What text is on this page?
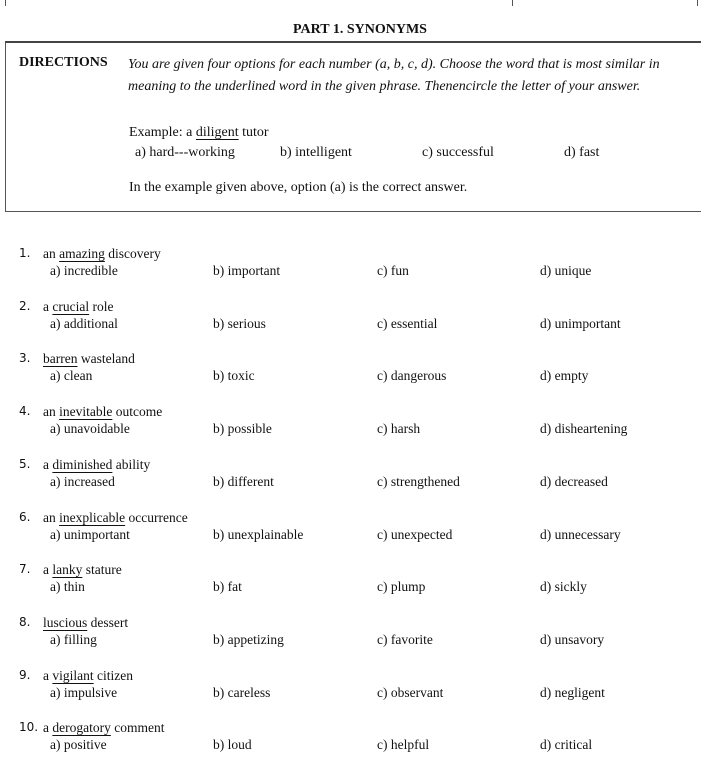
PART 1. SYNONYMS
DIRECTIONS You are given four options for each number (a, b, c, d). Choose the word that is most similar in meaning to the underlined word in the given phrase. Thenencircle the letter of your answer.
Example: a diligent tutor
a) hard---working	b) intelligent	c) successful	d) fast
In the example given above, option (a) is the correct answer.
1. an amazing discovery
a) incredible	b) important	c) fun	d) unique
2. a crucial role
a) additional	b) serious	c) essential	d) unimportant
3. barren wasteland
a) clean	b) toxic	c) dangerous	d) empty
4. an inevitable outcome
a) unavoidable	b) possible	c) harsh	d) disheartening
5. a diminished ability
a) increased	b) different	c) strengthened	d) decreased
6. an inexplicable occurrence
a) unimportant	b) unexplainable	c) unexpected	d) unnecessary
7. a lanky stature
a) thin	b) fat	c) plump	d) sickly
8. luscious dessert
a) filling	b) appetizing	c) favorite	d) unsavory
9. a vigilant citizen
a) impulsive	b) careless	c) observant	d) negligent
10. a derogatory comment
a) positive	b) loud	c) helpful	d) critical
